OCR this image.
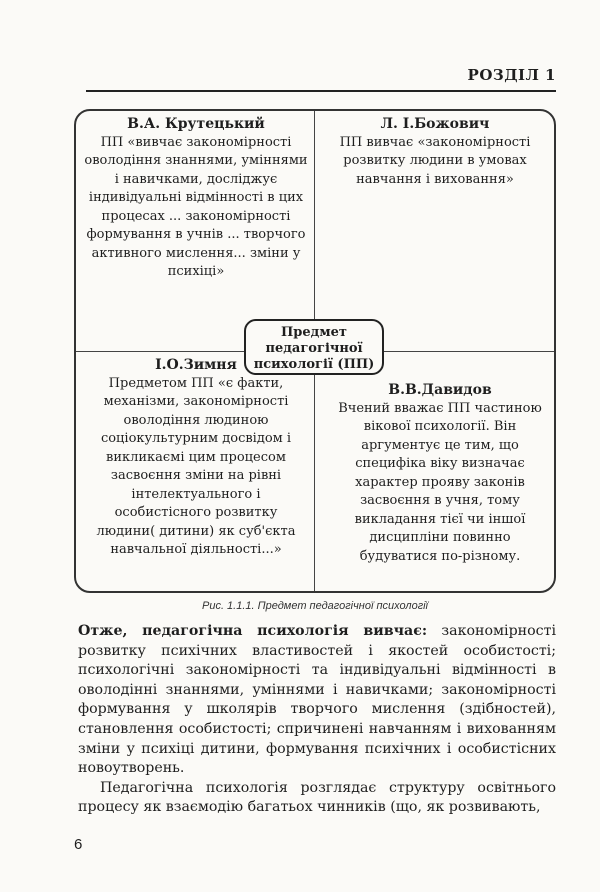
РОЗДІЛ 1
В.А. Крутецький
ПП «вивчає закономірності оволодіння знаннями, уміннями і навичками, досліджує індивідуальні відмінності в цих процесах ... закономірності формування в учнів ... творчого активного мислення... зміни у психіці»
Л. І.Божович
ПП вивчає «закономірності розвитку людини в умовах навчання і виховання»
І.О.Зимня
Предметом ПП «є факти, механізми, закономірності оволодіння людиною соціокультурним досвідом і викликаємі цим процесом засвоєння зміни на рівні інтелектуального і особистісного розвитку людини( дитини) як суб'єкта навчальної діяльності...»
В.В.Давидов
Вчений вважає ПП частиною вікової психології. Він аргументує це тим, що специфіка віку визначає характер прояву законів засвоєння в учня, тому викладання тієї чи іншої дисципліни повинно будуватися по-різному.
Предмет педагогічної психології (ПП)
Рис. 1.1.1. Предмет педагогічної психології

Отже, педагогічна психологія вивчає: закономірності розвитку психічних властивостей і якостей особистості; психологічні закономірності та індивідуальні відмінності в оволодінні знаннями, уміннями і навичками; закономірності формування у школярів творчого мислення (здібностей), становлення особистості; спричинені навчанням і вихованням зміни у психіці дитини, формування психічних і особистісних новоутворень.

Педагогічна психологія розглядає структуру освітнього процесу як взаємодію багатьох чинників (що, як розвивають,

6
